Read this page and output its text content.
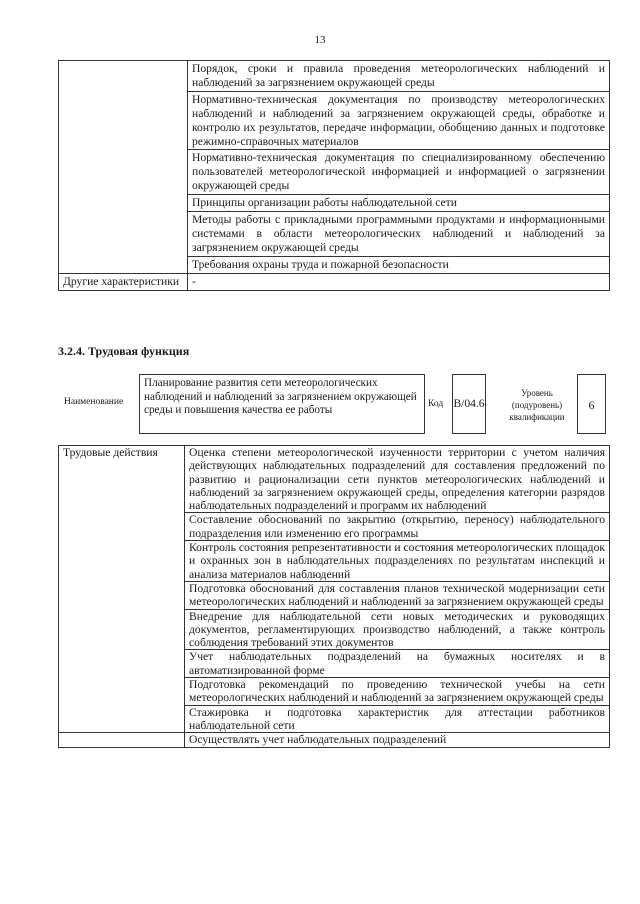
13
	Порядок, сроки и правила проведения метеорологических наблюдений и наблюдений за загрязнением окружающей среды
	Нормативно-техническая документация по производству метеорологических наблюдений и наблюдений за загрязнением окружающей среды, обработке и контролю их результатов, передаче информации, обобщению данных и подготовке режимно-справочных материалов
	Нормативно-техническая документация по специализированному обеспечению пользователей метеорологической информацией и информацией о загрязнении окружающей среды
	Принципы организации работы наблюдательной сети
	Методы работы с прикладными программными продуктами и информационными системами в области метеорологических наблюдений и наблюдений за загрязнением окружающей среды
	Требования охраны труда и пожарной безопасности
Другие характеристики	-
3.2.4. Трудовая функция
Наименование
Планирование развития сети метеорологических наблюдений и наблюдений за загрязнением окружающей среды и повышения качества ее работы	Код B/04.6
Уровень (подуровень) квалификации
6
Трудовые действия	Оценка степени метеорологической изученности территории с учетом наличия действующих наблюдательных подразделений для составления предложений по развитию и рационализации сети пунктов метеорологических наблюдений и наблюдений за загрязнением окружающей среды, определения категории разрядов наблюдательных подразделений и программ их наблюдений
	Составление обоснований по закрытию (открытию, переносу) наблюдательного подразделения или изменению его программы
	Контроль состояния репрезентативности и состояния метеорологических площадок и охранных зон в наблюдательных подразделениях по результатам инспекций и анализа материалов наблюдений
	Подготовка обоснований для составления планов технической модернизации сети метеорологических наблюдений и наблюдений за загрязнением окружающей среды
	Внедрение для наблюдательной сети новых методических и руководящих документов, регламентирующих производство наблюдений, а также контроль соблюдения требований этих документов
	Учет наблюдательных подразделений на бумажных носителях и в автоматизированной форме
	Подготовка рекомендаций по проведению технической учебы на сети метеорологических наблюдений и наблюдений за загрязнением окружающей среды
	Стажировка и подготовка характеристик для аттестации работников наблюдательной сети
	Осуществлять учет наблюдательных подразделений
